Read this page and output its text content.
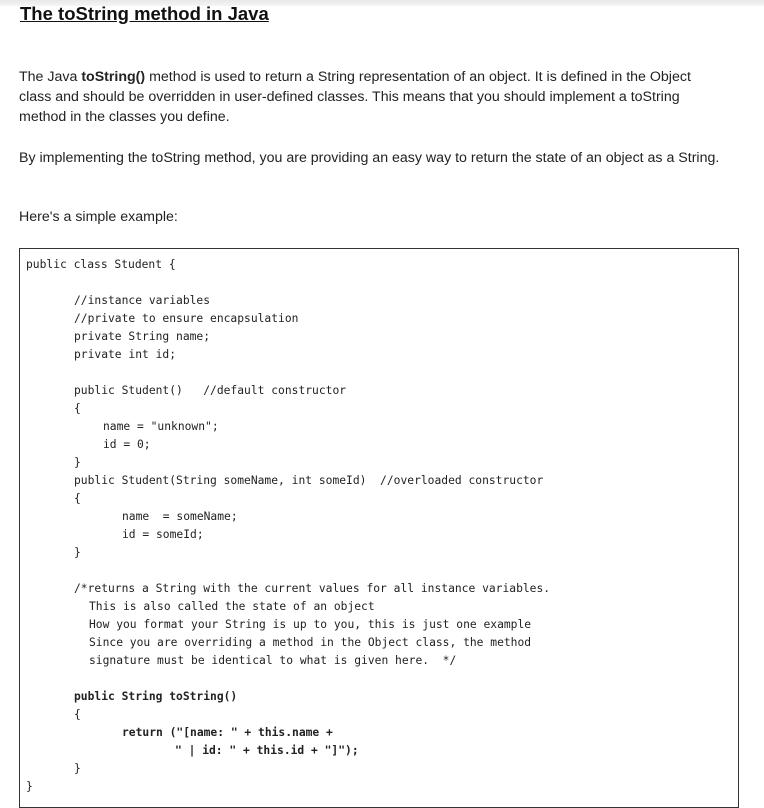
The toString method in Java

The Java toString() method is used to return a String representation of an object. It is defined in the Object class and should be overridden in user-defined classes. This means that you should implement a toString method in the classes you define.

By implementing the toString method, you are providing an easy way to return the state of an object as a String.

Here's a simple example:

public class Student {
//instance variables
//private to ensure encapsulation
private String name;
private int id;
public Student()   //default constructor
{
name = "unknown";
id = 0;
}
public Student(String someName, int someId)  //overloaded constructor
{
name  = someName;
id = someId;
}
/*returns a String with the current values for all instance variables.
This is also called the state of an object
How you format your String is up to you, this is just one example
Since you are overriding a method in the Object class, the method
signature must be identical to what is given here.  */
public String toString()
{
return ("[name: " + this.name +
" | id: " + this.id + "]");
}
}
